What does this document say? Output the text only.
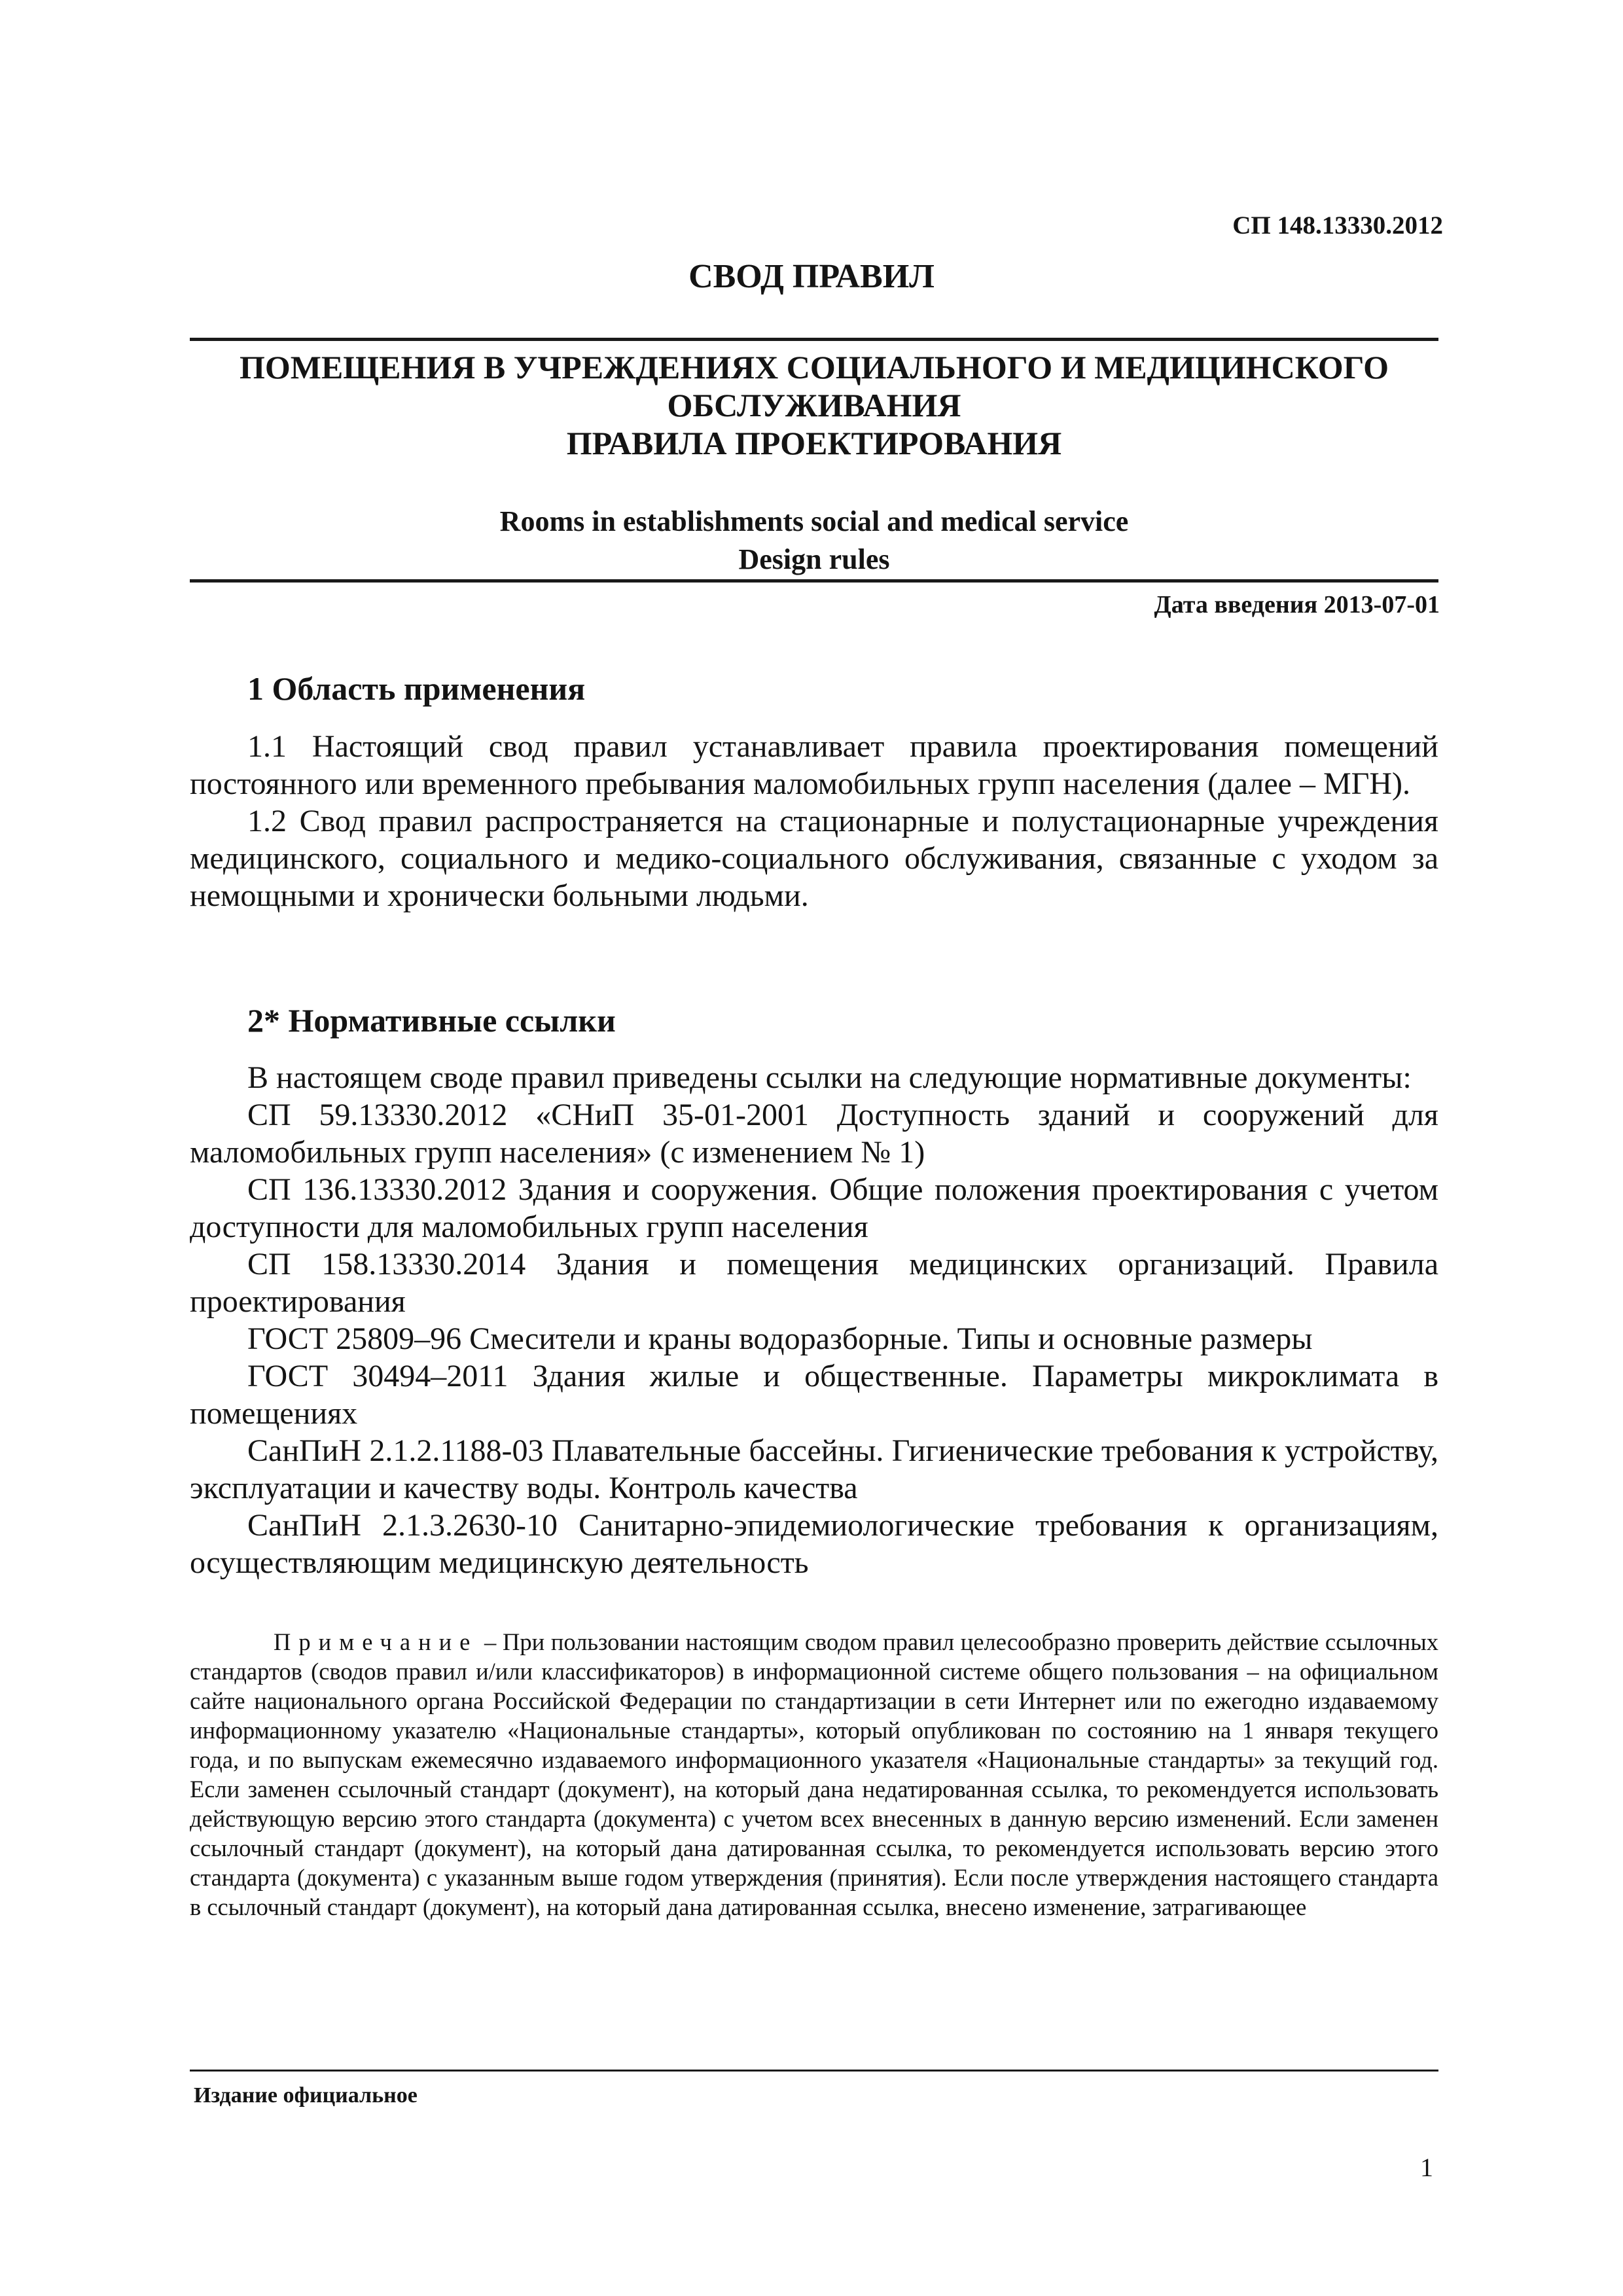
СП 148.13330.2012
СВОД ПРАВИЛ
ПОМЕЩЕНИЯ В УЧРЕЖДЕНИЯХ СОЦИАЛЬНОГО И МЕДИЦИНСКОГО
ОБСЛУЖИВАНИЯ
ПРАВИЛА ПРОЕКТИРОВАНИЯ
Rooms in establishments social and medical service
Design rules
Дата введения 2013-07-01
1 Область применения

1.1 Настоящий свод правил устанавливает правила проектирования помещений постоянного или временного пребывания маломобильных групп населения (далее – МГН).

1.2 Свод правил распространяется на стационарные и полустационарные учреждения медицинского, социального и медико-социального обслуживания, связанные с уходом за немощными и хронически больными людьми.

2* Нормативные ссылки

В настоящем своде правил приведены ссылки на следующие нормативные документы:

СП 59.13330.2012 «СНиП 35-01-2001 Доступность зданий и сооружений для маломобильных групп населения» (с изменением № 1)

СП 136.13330.2012 Здания и сооружения. Общие положения проектирования с учетом доступности для маломобильных групп населения

СП 158.13330.2014 Здания и помещения медицинских организаций. Правила проектирования

ГОСТ 25809–96 Смесители и краны водоразборные. Типы и основные размеры

ГОСТ 30494–2011 Здания жилые и общественные. Параметры микроклимата в помещениях

СанПиН 2.1.2.1188-03 Плавательные бассейны. Гигиенические требования к устройству, эксплуатации и качеству воды. Контроль качества

СанПиН 2.1.3.2630-10 Санитарно-эпидемиологические требования к организациям, осуществляющим медицинскую деятельность

Примечание – При пользовании настоящим сводом правил целесообразно проверить действие ссылочных стандартов (сводов правил и/или классификаторов) в информационной системе общего пользования – на официальном сайте национального органа Российской Федерации по стандартизации в сети Интернет или по ежегодно издаваемому информационному указателю «Национальные стандарты», который опубликован по состоянию на 1 января текущего года, и по выпускам ежемесячно издаваемого информационного указателя «Национальные стандарты» за текущий год. Если заменен ссылочный стандарт (документ), на который дана недатированная ссылка, то рекомендуется использовать действующую версию этого стандарта (документа) с учетом всех внесенных в данную версию изменений. Если заменен ссылочный стандарт (документ), на который дана датированная ссылка, то рекомендуется использовать версию этого стандарта (документа) с указанным выше годом утверждения (принятия). Если после утверждения настоящего стандарта в ссылочный стандарт (документ), на который дана датированная ссылка, внесено изменение, затрагивающее

Издание официальное
1
